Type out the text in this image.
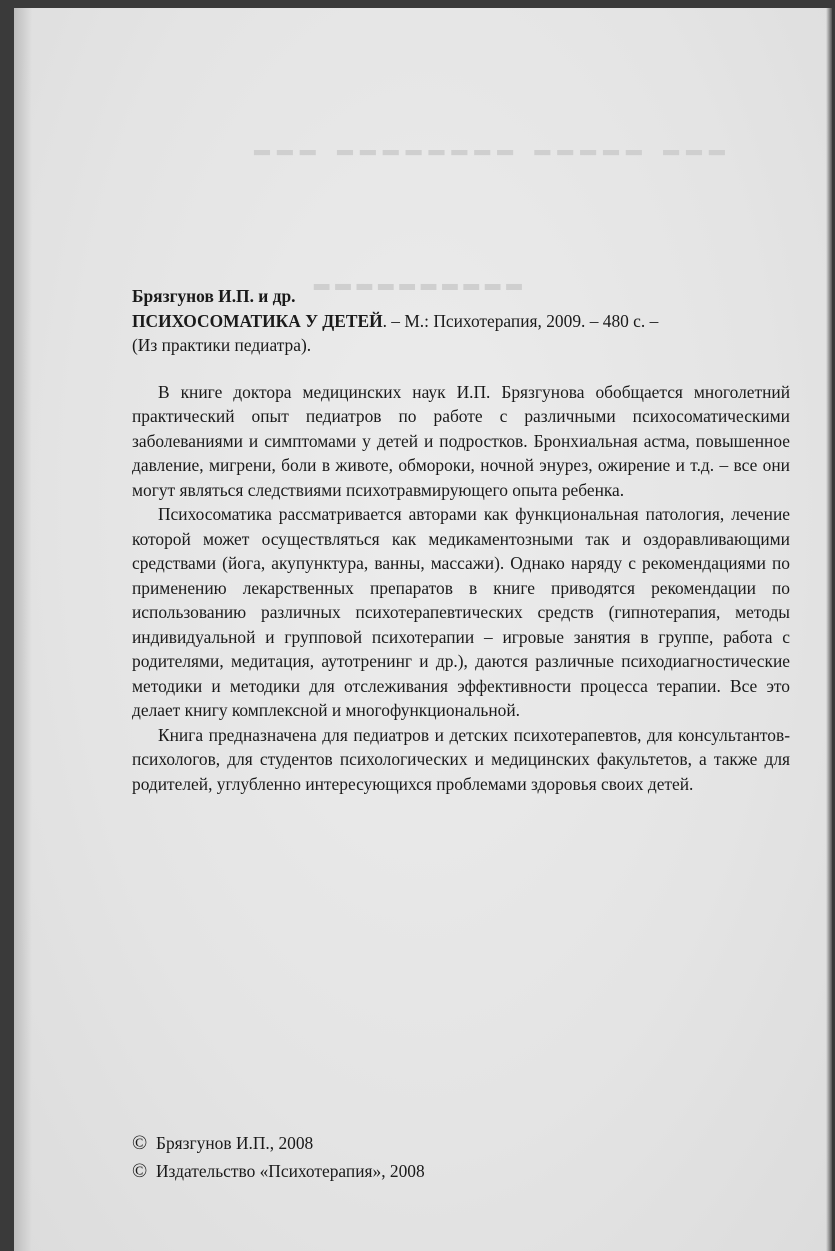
▂▂▂ ▂▂▂▂▂▂▂▂ ▂▂▂▂▂ ▂▂▂
▂▂▂▂▂▂▂▂▂▂

Брязгунов И.П. и др.

ПСИХОСОМАТИКА У ДЕТЕЙ. – М.: Психотерапия, 2009. – 480 с. –

(Из практики педиатра).

В книге доктора медицинских наук И.П. Брязгунова обобщается многолетний практический опыт педиатров по работе с различными психосоматическими заболеваниями и симптомами у детей и подростков. Бронхиальная астма, повышенное давление, мигрени, боли в животе, обмороки, ночной энурез, ожирение и т.д. – все они могут являться следствиями психотравмирующего опыта ребенка.

Психосоматика рассматривается авторами как функциональная патология, лечение которой может осуществляться как медикаментозными так и оздоравливающими средствами (йога, акупунктура, ванны, массажи). Однако наряду с рекомендациями по применению лекарственных препаратов в книге приводятся рекомендации по использованию различных психотерапевтических средств (гипнотерапия, методы индивидуальной и групповой психотерапии – игровые занятия в группе, работа с родителями, медитация, аутотренинг и др.), даются различные психодиагностические методики и методики для отслеживания эффективности процесса терапии. Все это делает книгу комплексной и многофункциональной.

Книга предназначена для педиатров и детских психотерапевтов, для консультантов-психологов, для студентов психологических и медицинских факультетов, а также для родителей, углубленно интересующихся проблемами здоровья своих детей.

© Брязгунов И.П., 2008
© Издательство «Психотерапия», 2008
